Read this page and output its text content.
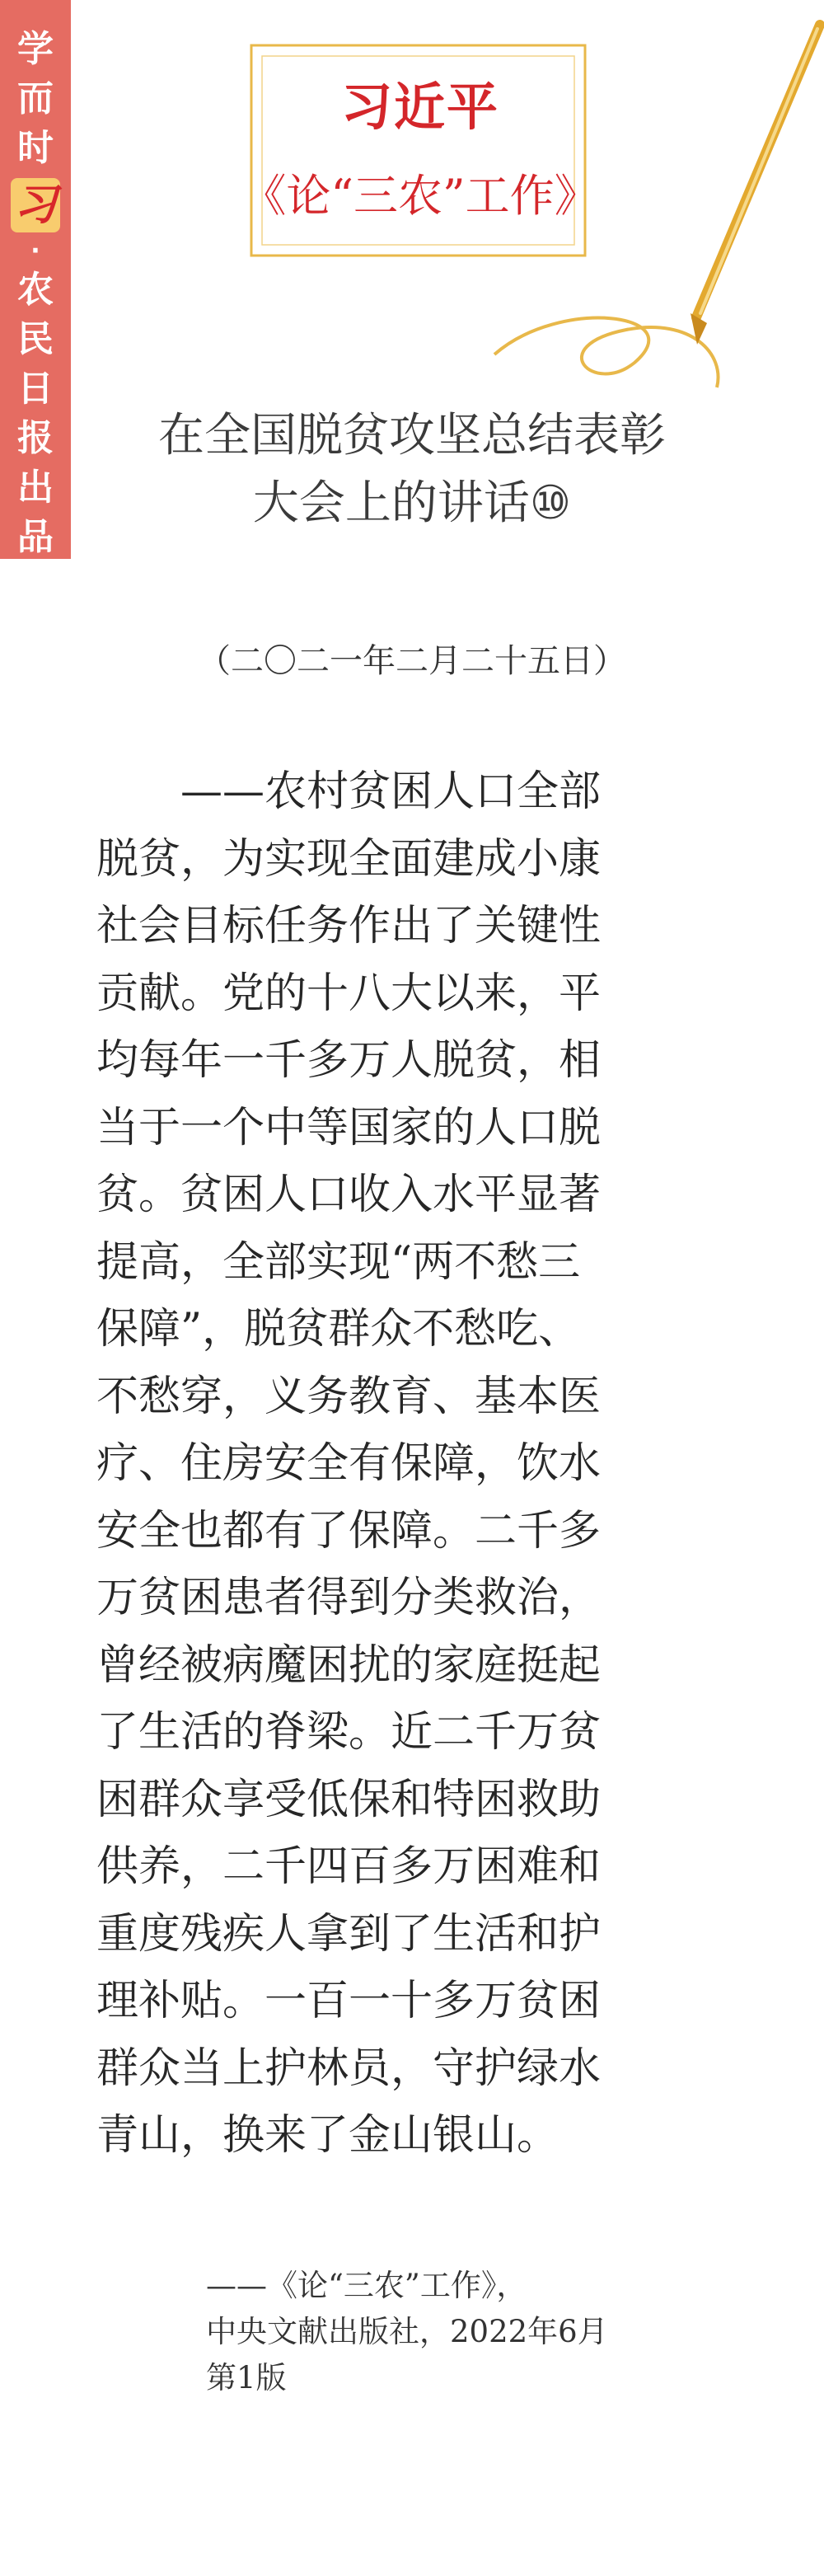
学
而
时
习
·
农
民
日
报
出
品
习近平
《论“三农”工作》
在全国脱贫攻坚总结表彰
大会上的讲话⑩
（二〇二一年二月二十五日）
　　——农村贫困人口全部
脱贫，为实现全面建成小康
社会目标任务作出了关键性
贡献。党的十八大以来，平
均每年一千多万人脱贫，相
当于一个中等国家的人口脱
贫。贫困人口收入水平显著
提高，全部实现“两不愁三
保障”，脱贫群众不愁吃、
不愁穿，义务教育、基本医
疗、住房安全有保障，饮水
安全也都有了保障。二千多
万贫困患者得到分类救治，
曾经被病魔困扰的家庭挺起
了生活的脊梁。近二千万贫
困群众享受低保和特困救助
供养，二千四百多万困难和
重度残疾人拿到了生活和护
理补贴。一百一十多万贫困
群众当上护林员，守护绿水
青山，换来了金山银山。
——《论“三农”工作》，
中央文献出版社，2022年6月
第1版
